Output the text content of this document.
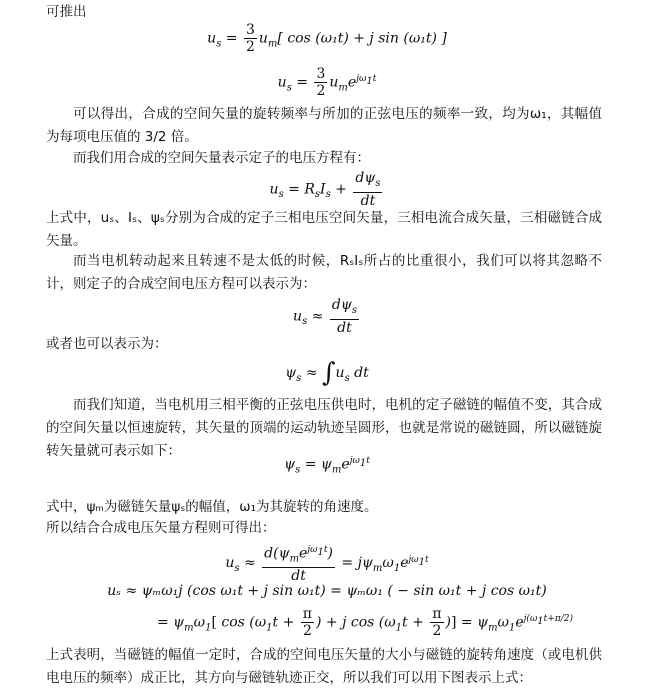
可推出
$u_s = \frac{3}{2} u_m$[ cos (ω₁t) + j sin (ω₁t) ]
$u_s = \frac{3}{2} u_me^{j\omega_1t}$
可以得出，合成的空间矢量的旋转频率与所加的正弦电压的频率一致，均为ω₁，其幅值为每项电压值的 3/2 倍。
而我们用合成的空间矢量表示定子的电压方程有：
$u_s = R_sI_s + \frac{d\psi_s}{dt}$
上式中，uₛ、Iₛ、ψₛ分别为合成的定子三相电压空间矢量，三相电流合成矢量，三相磁链合成矢量。
而当电机转动起来且转速不是太低的时候，RₛIₛ所占的比重很小，我们可以将其忽略不计，则定子的合成空间电压方程可以表示为：
$u_s \approx \frac{d\psi_s}{dt}$
或者也可以表示为：
$\psi_s \approx \int u_s$ dt
而我们知道，当电机用三相平衡的正弦电压供电时，电机的定子磁链的幅值不变，其合成的空间矢量以恒速旋转，其矢量的顶端的运动轨迹呈圆形，也就是常说的磁链圆，所以磁链旋转矢量就可表示如下：
$\psi_s = \psi_me^{j\omega_1t}$
式中，ψₘ为磁链矢量ψₛ的幅值，ω₁为其旋转的角速度。
所以结合合成电压矢量方程则可得出：
$u_s \approx \frac{d(\psi_me^{j\omega_1t})}{dt} = j\psi_m\omega_1e^{j\omega_1t}$
uₛ ≈ ψₘω₁j (cos ω₁t + j sin ω₁t) = ψₘω₁ ( − sin ω₁t + j cos ω₁t)
= $\psi_m\omega_1$[ $\cos (\omega_1t + \frac{\pi}{2}$ ) + j $\cos (\omega_1t + \frac{\pi}{2}$ )] = $\psi_m\omega_1e^{j(\omega_1t+\pi/2)}$
上式表明，当磁链的幅值一定时，合成的空间电压矢量的大小与磁链的旋转角速度（或电机供电电压的频率）成正比，其方向与磁链轨迹正交，所以我们可以用下图表示上式：
